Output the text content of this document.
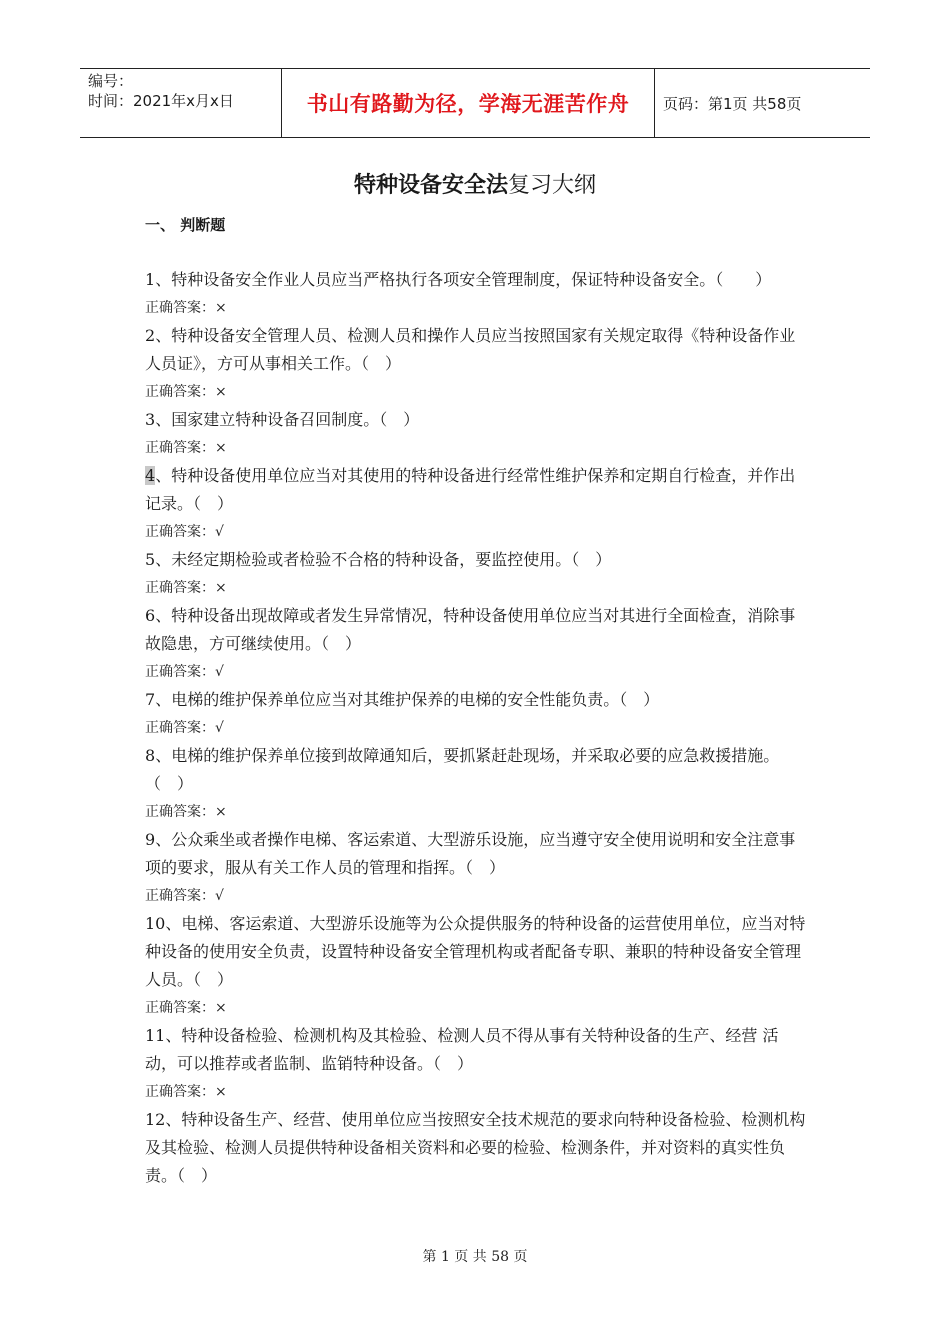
编号：
时间：2021年x月x日	书山有路勤为径，学海无涯苦作舟 页码：第1页 共58页
特种设备安全法复习大纲
一、 判断题

1、特种设备安全作业人员应当严格执行各项安全管理制度，保证特种设备安全。（　　）

正确答案：×

2、特种设备安全管理人员、检测人员和操作人员应当按照国家有关规定取得《特种设备作业人员证》，方可从事相关工作。（　）

正确答案：×

3、国家建立特种设备召回制度。（　）

正确答案：×

4、特种设备使用单位应当对其使用的特种设备进行经常性维护保养和定期自行检查，并作出记录。（　）

正确答案：√

5、未经定期检验或者检验不合格的特种设备，要监控使用。（　）

正确答案：×

6、特种设备出现故障或者发生异常情况，特种设备使用单位应当对其进行全面检查，消除事故隐患，方可继续使用。（　）

正确答案：√

7、电梯的维护保养单位应当对其维护保养的电梯的安全性能负责。（　）

正确答案：√

8、电梯的维护保养单位接到故障通知后，要抓紧赶赴现场，并采取必要的应急救援措施。（　）

正确答案：×

9、公众乘坐或者操作电梯、客运索道、大型游乐设施，应当遵守安全使用说明和安全注意事项的要求，服从有关工作人员的管理和指挥。（　）

正确答案：√

10、电梯、客运索道、大型游乐设施等为公众提供服务的特种设备的运营使用单位，应当对特种设备的使用安全负责，设置特种设备安全管理机构或者配备专职、兼职的特种设备安全管理人员。（　）

正确答案：×

11、特种设备检验、检测机构及其检验、检测人员不得从事有关特种设备的生产、经营 活动，可以推荐或者监制、监销特种设备。（　）

正确答案：×

12、特种设备生产、经营、使用单位应当按照安全技术规范的要求向特种设备检验、检测机构及其检验、检测人员提供特种设备相关资料和必要的检验、检测条件，并对资料的真实性负责。（　）

第 1 页 共 58 页
